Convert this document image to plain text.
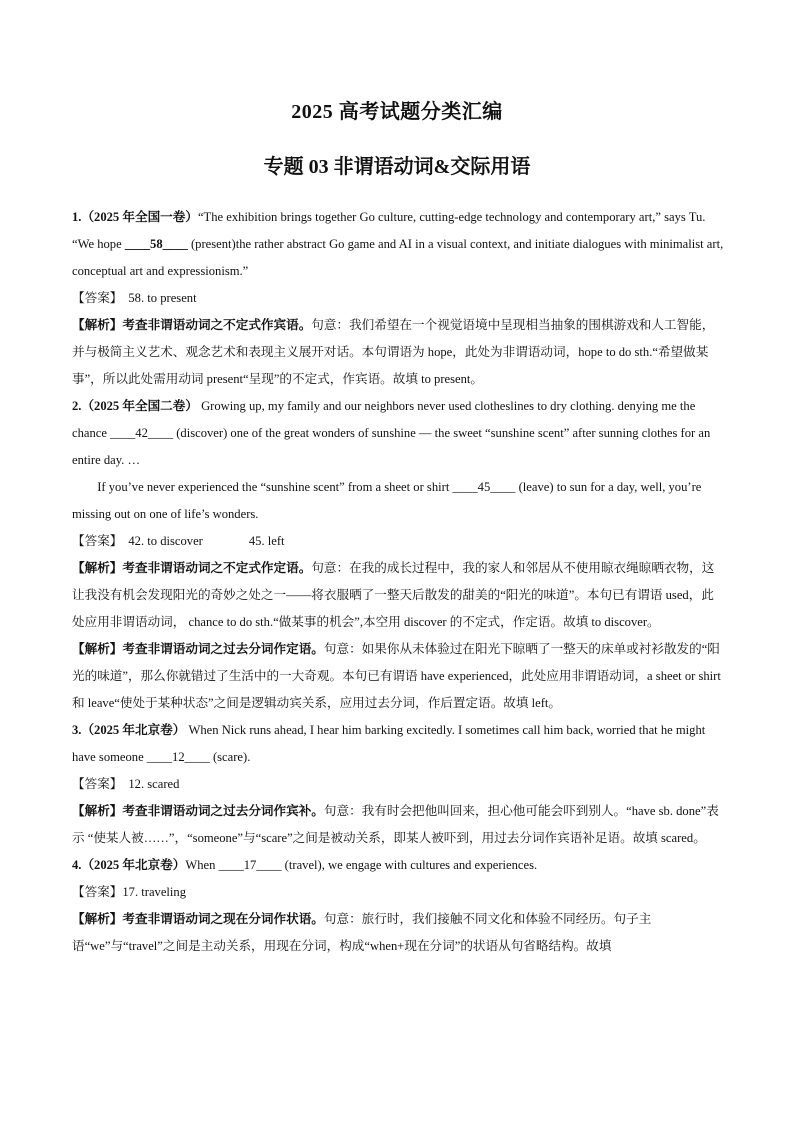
2025 高考试题分类汇编
专题 03 非谓语动词&交际用语

1.（2025 年全国一卷）“The exhibition brings together Go culture, cutting-edge technology and contemporary art,” says Tu. “We hope ____58____ (present)the rather abstract Go game and AI in a visual context, and initiate dialogues with minimalist art, conceptual art and expressionism.”

【答案】 58. to present

【解析】考查非谓语动词之不定式作宾语。句意：我们希望在一个视觉语境中呈现相当抽象的围棋游戏和人工智能，并与极简主义艺术、观念艺术和表现主义展开对话。本句谓语为 hope，此处为非谓语动词，hope to do sth.“希望做某事”，所以此处需用动词 present“呈现”的不定式，作宾语。故填 to present。

2.（2025 年全国二卷） Growing up, my family and our neighbors never used clotheslines to dry clothing. denying me the chance ____42____ (discover) one of the great wonders of sunshine — the sweet “sunshine scent” after sunning clothes for an entire day. …

If you’ve never experienced the “sunshine scent” from a sheet or shirt ____45____ (leave) to sun for a day, well, you’re missing out on one of life’s wonders.

【答案】 42. to discover	45. left

【解析】考查非谓语动词之不定式作定语。句意：在我的成长过程中，我的家人和邻居从不使用晾衣绳晾晒衣物，这让我没有机会发现阳光的奇妙之处之一——将衣服晒了一整天后散发的甜美的“阳光的味道”。本句已有谓语 used，此处应用非谓语动词， chance to do sth.“做某事的机会”,本空用 discover 的不定式，作定语。故填 to discover。

【解析】考查非谓语动词之过去分词作定语。句意：如果你从未体验过在阳光下晾晒了一整天的床单或衬衫散发的“阳光的味道”，那么你就错过了生活中的一大奇观。本句已有谓语 have experienced，此处应用非谓语动词，a sheet or shirt 和 leave“使处于某种状态”之间是逻辑动宾关系，应用过去分词，作后置定语。故填 left。

3.（2025 年北京卷） When Nick runs ahead, I hear him barking excitedly. I sometimes call him back, worried that he might have someone ____12____ (scare).

【答案】 12. scared

【解析】考查非谓语动词之过去分词作宾补。句意：我有时会把他叫回来，担心他可能会吓到别人。“have sb. done”表示 “使某人被……”，“someone”与“scare”之间是被动关系，即某人被吓到，用过去分词作宾语补足语。故填 scared。

4.（2025 年北京卷）When ____17____ (travel), we engage with cultures and experiences.

【答案】17. traveling

【解析】考查非谓语动词之现在分词作状语。句意：旅行时，我们接触不同文化和体验不同经历。句子主语“we”与“travel”之间是主动关系，用现在分词，构成“when+现在分词”的状语从句省略结构。故填
